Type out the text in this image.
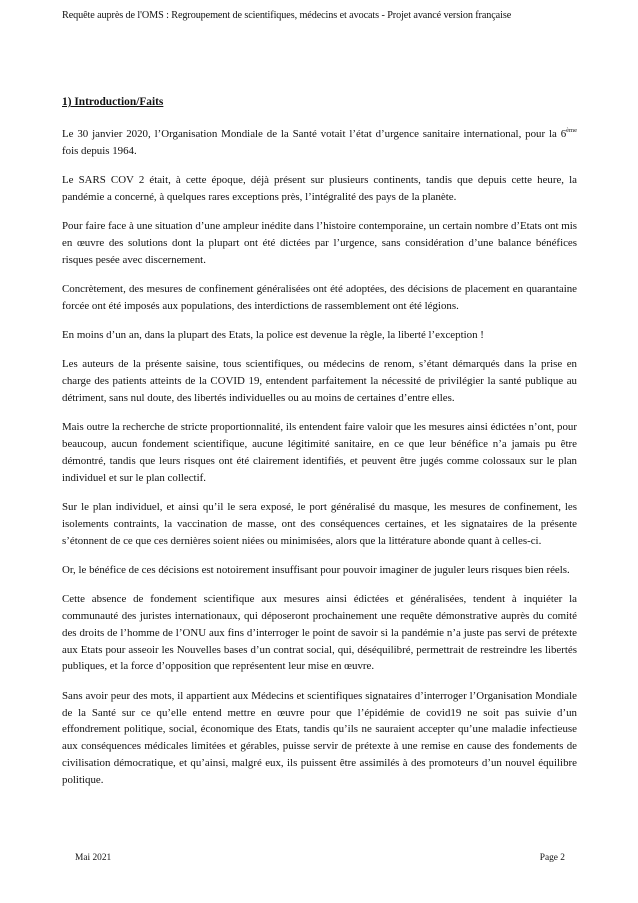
Requête auprès de l'OMS : Regroupement de scientifiques, médecins et avocats - Projet avancé version française

1) Introduction/Faits

Le 30 janvier 2020, l’Organisation Mondiale de la Santé votait l’état d’urgence sanitaire international, pour la 6ème fois depuis 1964.

Le SARS COV 2 était, à cette époque, déjà présent sur plusieurs continents, tandis que depuis cette heure, la pandémie a concerné, à quelques rares exceptions près, l’intégralité des pays de la planète.

Pour faire face à une situation d’une ampleur inédite dans l’histoire contemporaine, un certain nombre d’Etats ont mis en œuvre des solutions dont la plupart ont été dictées par l’urgence, sans considération d’une balance bénéfices risques pesée avec discernement.

Concrètement, des mesures de confinement généralisées ont été adoptées, des décisions de placement en quarantaine forcée ont été imposés aux populations, des interdictions de rassemblement ont été légions.

En moins d’un an, dans la plupart des Etats, la police est devenue la règle, la liberté l’exception !

Les auteurs de la présente saisine, tous scientifiques, ou médecins de renom, s’étant démarqués dans la prise en charge des patients atteints de la COVID 19, entendent parfaitement la nécessité de privilégier la santé publique au détriment, sans nul doute, des libertés individuelles ou au moins de certaines d’entre elles.

Mais outre la recherche de stricte proportionnalité, ils entendent faire valoir que les mesures ainsi édictées n’ont, pour beaucoup, aucun fondement scientifique, aucune légitimité sanitaire, en ce que leur bénéfice n’a jamais pu être démontré, tandis que leurs risques ont été clairement identifiés, et peuvent être jugés comme colossaux sur le plan individuel et sur le plan collectif.

Sur le plan individuel, et ainsi qu’il le sera exposé, le port généralisé du masque, les mesures de confinement, les isolements contraints, la vaccination de masse, ont des conséquences certaines, et les signataires de la présente s’étonnent de ce que ces dernières soient niées ou minimisées, alors que la littérature abonde quant à celles-ci.

Or, le bénéfice de ces décisions est notoirement insuffisant pour pouvoir imaginer de juguler leurs risques bien réels.

Cette absence de fondement scientifique aux mesures ainsi édictées et généralisées, tendent à inquiéter la communauté des juristes internationaux, qui déposeront prochainement une requête démonstrative auprès du comité des droits de l’homme de l’ONU aux fins d’interroger le point de savoir si la pandémie n’a juste pas servi de prétexte aux Etats pour asseoir les Nouvelles bases d’un contrat social, qui, déséquilibré, permettrait de restreindre les libertés publiques, et la force d’opposition que représentent leur mise en œuvre.

Sans avoir peur des mots, il appartient aux Médecins et scientifiques signataires d’interroger l’Organisation Mondiale de la Santé sur ce qu’elle entend mettre en œuvre pour que l’épidémie de covid19 ne soit pas suivie d’un effondrement politique, social, économique des Etats, tandis qu’ils ne sauraient accepter qu’une maladie infectieuse aux conséquences médicales limitées et gérables, puisse servir de prétexte à une remise en cause des fondements de civilisation démocratique, et qu’ainsi, malgré eux, ils puissent être assimilés à des promoteurs d’un nouvel équilibre politique.

Mai 2021	Page 2
